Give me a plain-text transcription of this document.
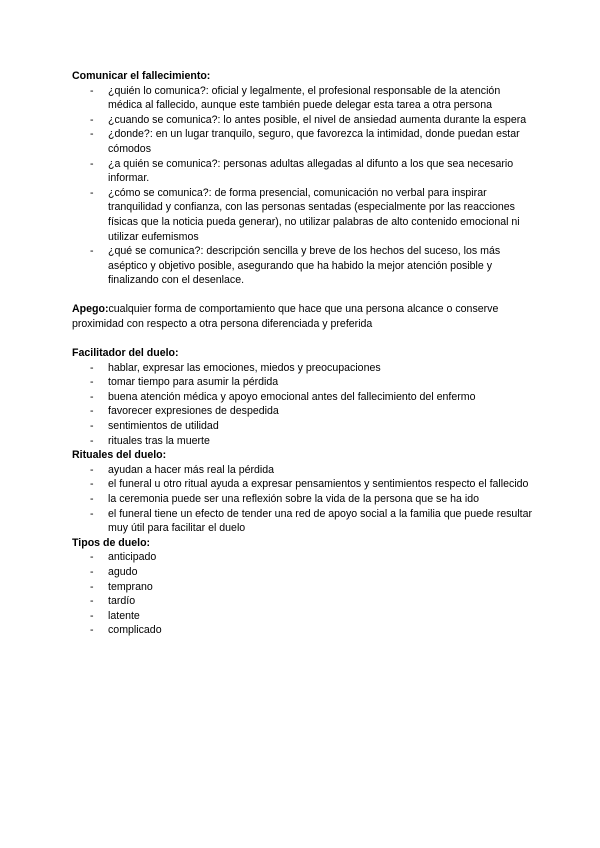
Comunicar el fallecimiento:

- ¿quién lo comunica?: oficial y legalmente, el profesional responsable de la atención médica al fallecido, aunque este también puede delegar esta tarea a otra persona
- ¿cuando se comunica?: lo antes posible, el nivel de ansiedad aumenta durante la espera
- ¿donde?: en un lugar tranquilo, seguro, que favorezca la intimidad, donde puedan estar cómodos
- ¿a quién se comunica?: personas adultas allegadas al difunto a los que sea necesario informar.
- ¿cómo se comunica?: de forma presencial, comunicación no verbal para inspirar tranquilidad y confianza, con las personas sentadas (especialmente por las reacciones físicas que la noticia pueda generar), no utilizar palabras de alto contenido emocional ni utilizar eufemismos
- ¿qué se comunica?: descripción sencilla y breve de los hechos del suceso, los más aséptico y objetivo posible, asegurando que ha habido la mejor atención posible y finalizando con el desenlace.

Apego:cualquier forma de comportamiento que hace que una persona alcance o conserve proximidad con respecto a otra persona diferenciada y preferida

Facilitador del duelo:

- hablar, expresar las emociones, miedos y preocupaciones
- tomar tiempo para asumir la pérdida
- buena atención médica y apoyo emocional antes del fallecimiento del enfermo
- favorecer expresiones de despedida
- sentimientos de utilidad
- rituales tras la muerte

Rituales del duelo:

- ayudan a hacer más real la pérdida
- el funeral u otro ritual ayuda a expresar pensamientos y sentimientos respecto el fallecido
- la ceremonia puede ser una reflexión sobre la vida de la persona que se ha ido
- el funeral tiene un efecto de tender una red de apoyo social a la familia que puede resultar muy útil para facilitar el duelo

Tipos de duelo:

- anticipado
- agudo
- temprano
- tardío
- latente
- complicado
